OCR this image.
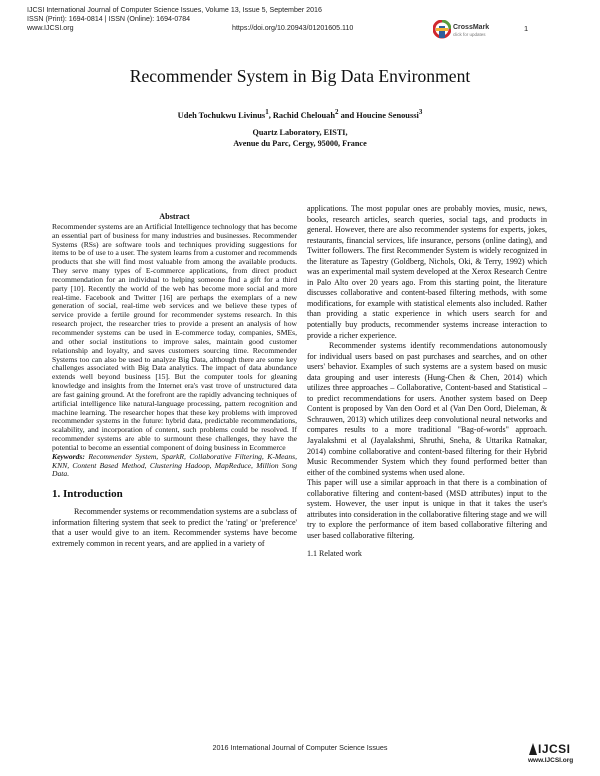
IJCSI International Journal of Computer Science Issues, Volume 13, Issue 5, September 2016
ISSN (Print): 1694-0814 | ISSN (Online): 1694-0784
www.IJCSI.org	https://doi.org/10.20943/01201605.110	CrossMark
click for updates
1
Recommender System in Big Data Environment
Udeh Tochukwu Livinus$^1$, Rachid Chelouah$^2$ and Houcine Senoussi$^3$
Quartz Laboratory, EISTI,
Avenue du Parc, Cergy, 95000, France
Abstract

Recommender systems are an Artificial Intelligence technology that has become an essential part of business for many industries and businesses. Recommender Systems (RSs) are software tools and techniques providing suggestions for items to be of use to a user. The system learns from a customer and recommends products that she will find most valuable from among the available products. They serve many types of E-commerce applications, from direct product recommendation for an individual to helping someone find a gift for a third party [10]. Recently the world of the web has become more social and more real-time. Facebook and Twitter [16] are perhaps the exemplars of a new generation of social, real-time web services and we believe these types of service provide a fertile ground for recommender systems research. In this research project, the researcher tries to provide a present an analysis of how recommender systems can be used in E-commerce today, companies, SMEs, and other social institutions to improve sales, maintain good customer relationship and loyalty, and saves customers sourcing time. Recommender Systems too can also be used to analyze Big Data, although there are some key challenges associated with Big Data analytics. The impact of data abundance extends well beyond business [15]. But the computer tools for gleaning knowledge and insights from the Internet era's vast trove of unstructured data are fast gaining ground. At the forefront are the rapidly advancing techniques of artificial intelligence like natural-language processing, pattern recognition and machine learning. The researcher hopes that these key problems with improved recommender systems in the future: hybrid data, predictable recommendations, scalability, and incorporation of content, such problems could be resolved. If recommender systems are able to surmount these challenges, they have the potential to become an essential component of doing business in Ecommerce

Keywords: Recommender System, SparkR, Collaborative Filtering, K-Means, KNN, Content Based Method, Clustering Hadoop, MapReduce, Million Song Data.

1. Introduction

Recommender systems or recommendation systems are a subclass of information filtering system that seek to predict the 'rating' or 'preference' that a user would give to an item. Recommender systems have become extremely common in recent years, and are applied in a variety of

applications. The most popular ones are probably movies, music, news, books, research articles, search queries, social tags, and products in general. However, there are also recommender systems for experts, jokes, restaurants, financial services, life insurance, persons (online dating), and Twitter followers. The first Recommender System is widely recognized in the literature as Tapestry (Goldberg, Nichols, Oki, & Terry, 1992) which was an experimental mail system developed at the Xerox Research Centre in Palo Alto over 20 years ago. From this starting point, the literature discusses collaborative and content-based filtering methods, with some modifications, for example with statistical elements also included. Rather than providing a static experience in which users search for and potentially buy products, recommender systems increase interaction to provide a richer experience.

Recommender systems identify recommendations autonomously for individual users based on past purchases and searches, and on other users' behavior. Examples of such systems are a system based on music data grouping and user interests (Hung-Chen & Chen, 2014) which utilizes three approaches – Collaborative, Content-based and Statistical – to predict recommendations for users. Another system based on Deep Content is proposed by Van den Oord et al (Van Den Oord, Dieleman, & Schrauwen, 2013) which utilizes deep convolutional neural networks and compares results to a more traditional "Bag-of-words" approach. Jayalakshmi et al (Jayalakshmi, Shruthi, Sneha, & Uttarika Ratnakar, 2014) combine collaborative and content-based filtering for their Hybrid Music Recommender System which they found performed better than either of the combined systems when used alone.

This paper will use a similar approach in that there is a combination of collaborative filtering and content-based (MSD attributes) input to the system. However, the user input is unique in that it takes the user's attributes into consideration in the collaborative filtering stage and we will try to explore the performance of item based collaborative filtering and user based collaborative filtering.

1.1 Related work
2016 International Journal of Computer Science Issues	IJCSI
www.IJCSI.org
